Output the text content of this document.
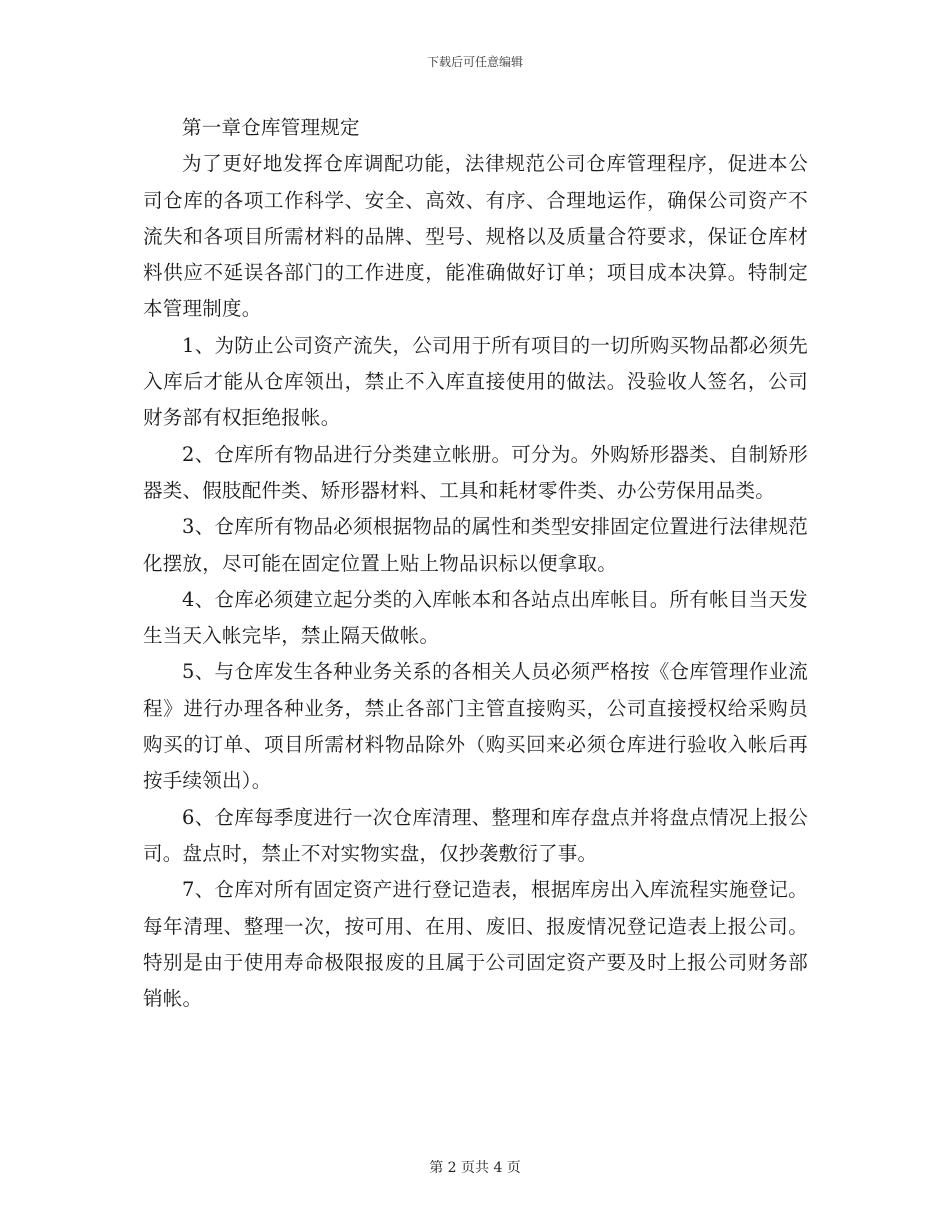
下载后可任意编辑

第一章仓库管理规定

为了更好地发挥仓库调配功能，法律规范公司仓库管理程序，促进本公司仓库的各项工作科学、安全、高效、有序、合理地运作，确保公司资产不流失和各项目所需材料的品牌、型号、规格以及质量合符要求，保证仓库材料供应不延误各部门的工作进度，能准确做好订单；项目成本决算。特制定本管理制度。

1、为防止公司资产流失，公司用于所有项目的一切所购买物品都必须先入库后才能从仓库领出，禁止不入库直接使用的做法。没验收人签名，公司财务部有权拒绝报帐。

2、仓库所有物品进行分类建立帐册。可分为。外购矫形器类、自制矫形器类、假肢配件类、矫形器材料、工具和耗材零件类、办公劳保用品类。

3、仓库所有物品必须根据物品的属性和类型安排固定位置进行法律规范化摆放，尽可能在固定位置上贴上物品识标以便拿取。

4、仓库必须建立起分类的入库帐本和各站点出库帐目。所有帐目当天发生当天入帐完毕，禁止隔天做帐。

5、与仓库发生各种业务关系的各相关人员必须严格按《仓库管理作业流程》进行办理各种业务，禁止各部门主管直接购买，公司直接授权给采购员购买的订单、项目所需材料物品除外（购买回来必须仓库进行验收入帐后再按手续领出）。

6、仓库每季度进行一次仓库清理、整理和库存盘点并将盘点情况上报公司。盘点时，禁止不对实物实盘，仅抄袭敷衍了事。

7、仓库对所有固定资产进行登记造表，根据库房出入库流程实施登记。每年清理、整理一次，按可用、在用、废旧、报废情况登记造表上报公司。特别是由于使用寿命极限报废的且属于公司固定资产要及时上报公司财务部销帐。

第 2 页共 4 页
